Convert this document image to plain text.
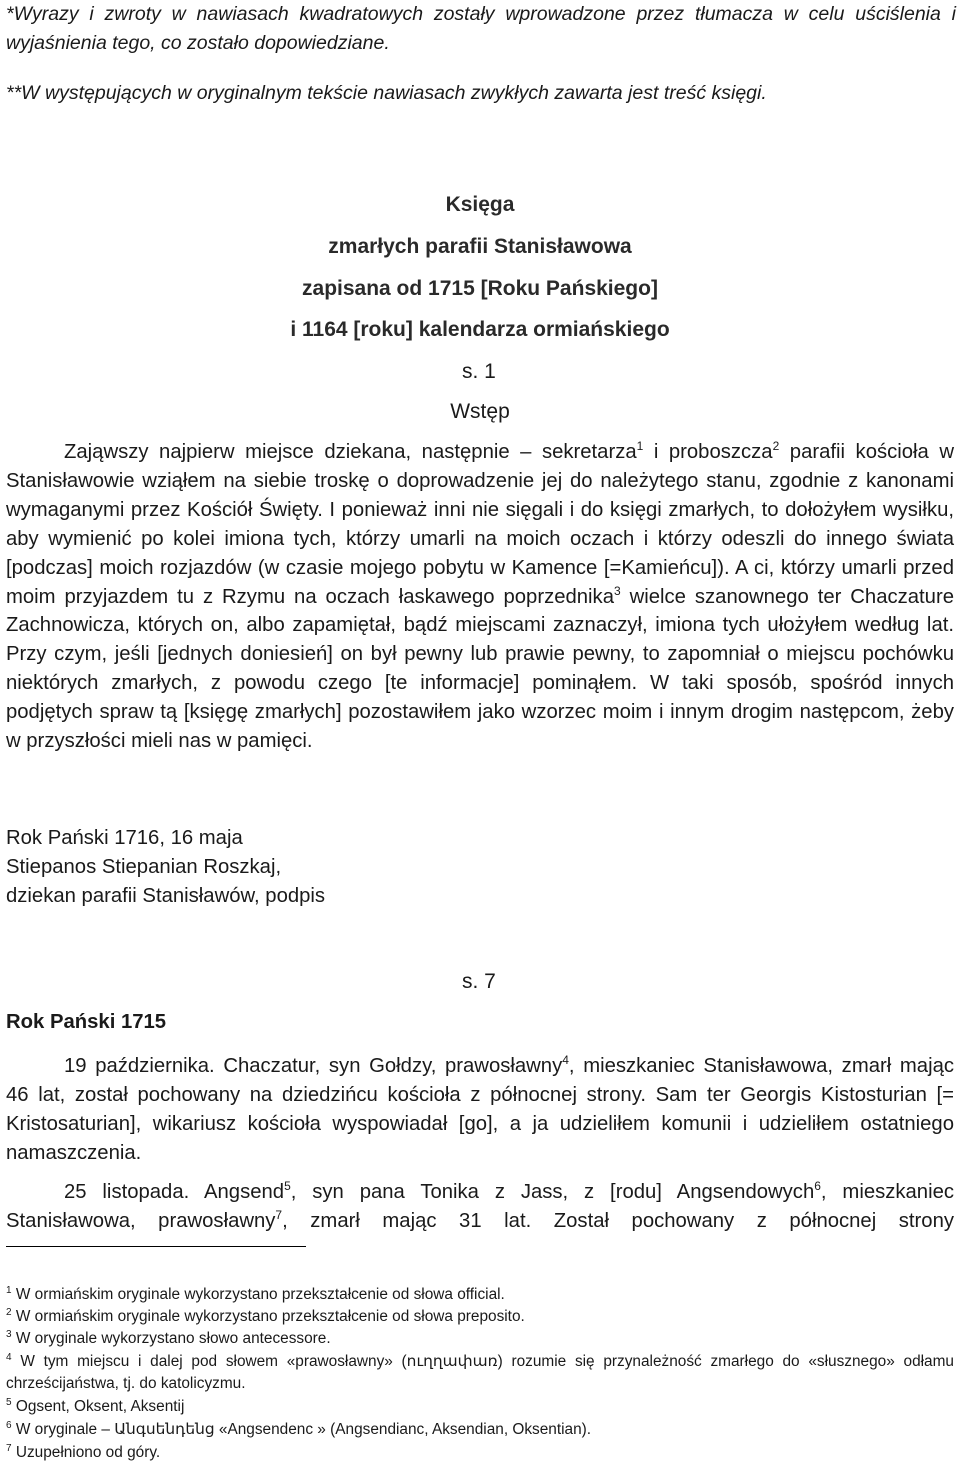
*Wyrazy i zwroty w nawiasach kwadratowych zostały wprowadzone przez tłumacza w celu uściślenia i wyjaśnienia tego, co zostało dopowiedziane.
**W występujących w oryginalnym tekście nawiasach zwykłych zawarta jest treść księgi.
Księga
zmarłych parafii Stanisławowa
zapisana od 1715 [Roku Pańskiego]
i 1164 [roku] kalendarza ormiańskiego
s. 1
Wstęp
Zająwszy najpierw miejsce dziekana, następnie – sekretarza$^1$ i proboszcza$^2$ parafii kościoła w Stanisławowie wziąłem na siebie troskę o doprowadzenie jej do należytego stanu, zgodnie z kanonami wymaganymi przez Kościół Święty. I ponieważ inni nie sięgali i do księgi zmarłych, to dołożyłem wysiłku, aby wymienić po kolei imiona tych, którzy umarli na moich oczach i którzy odeszli do innego świata [podczas] moich rozjazdów (w czasie mojego pobytu w Kamence [=Kamieńcu]). A ci, którzy umarli przed moim przyjazdem tu z Rzymu na oczach łaskawego poprzednika$^3$ wielce szanownego ter Chaczature Zachnowicza, których on, albo zapamiętał, bądź miejscami zaznaczył, imiona tych ułożyłem według lat. Przy czym, jeśli [jednych doniesień] on był pewny lub prawie pewny, to zapomniał o miejscu pochówku niektórych zmarłych, z powodu czego [te informacje] pominąłem. W taki sposób, spośród innych podjętych spraw tą [księgę zmarłych] pozostawiłem jako wzorzec moim i innym drogim następcom, żeby w przyszłości mieli nas w pamięci.
Rok Pański 1716, 16 maja
Stiepanos Stiepanian Roszkaj,
dziekan parafii Stanisławów, podpis
s. 7
Rok Pański 1715
19 października. Chaczatur, syn Gołdzy, prawosławny$^4$, mieszkaniec Stanisławowa, zmarł mając 46 lat, został pochowany na dziedzińcu kościoła z północnej strony. Sam ter Georgis Kistosturian [= Kristosaturian], wikariusz kościoła wyspowiadał [go], a ja udzieliłem komunii i udzieliłem ostatniego namaszczenia.
25 listopada. Angsend$^5$, syn pana Tonika z Jass, z [rodu] Angsendowych$^6$, mieszkaniec Stanisławowa, prawosławny$^7$, zmarł mając 31 lat. Został pochowany z północnej strony
$^1$ W ormiańskim oryginale wykorzystano przekształcenie od słowa official.
$^2$ W ormiańskim oryginale wykorzystano przekształcenie od słowa preposito.
$^3$ W oryginale wykorzystano słowo antecessore.
$^4$ W tym miejscu i dalej pod słowem «prawosławny» (ուղղափառ) rozumie się przynależność zmarłego do «słusznego» odłamu chrześcijaństwa, tj. do katolicyzmu.
$^5$ Ogsent, Oksent, Aksentij
$^6$ W oryginale – Անգսենդենց «Angsendenc » (Angsendianc, Aksendian, Oksentian).
$^7$ Uzupełniono od góry.
